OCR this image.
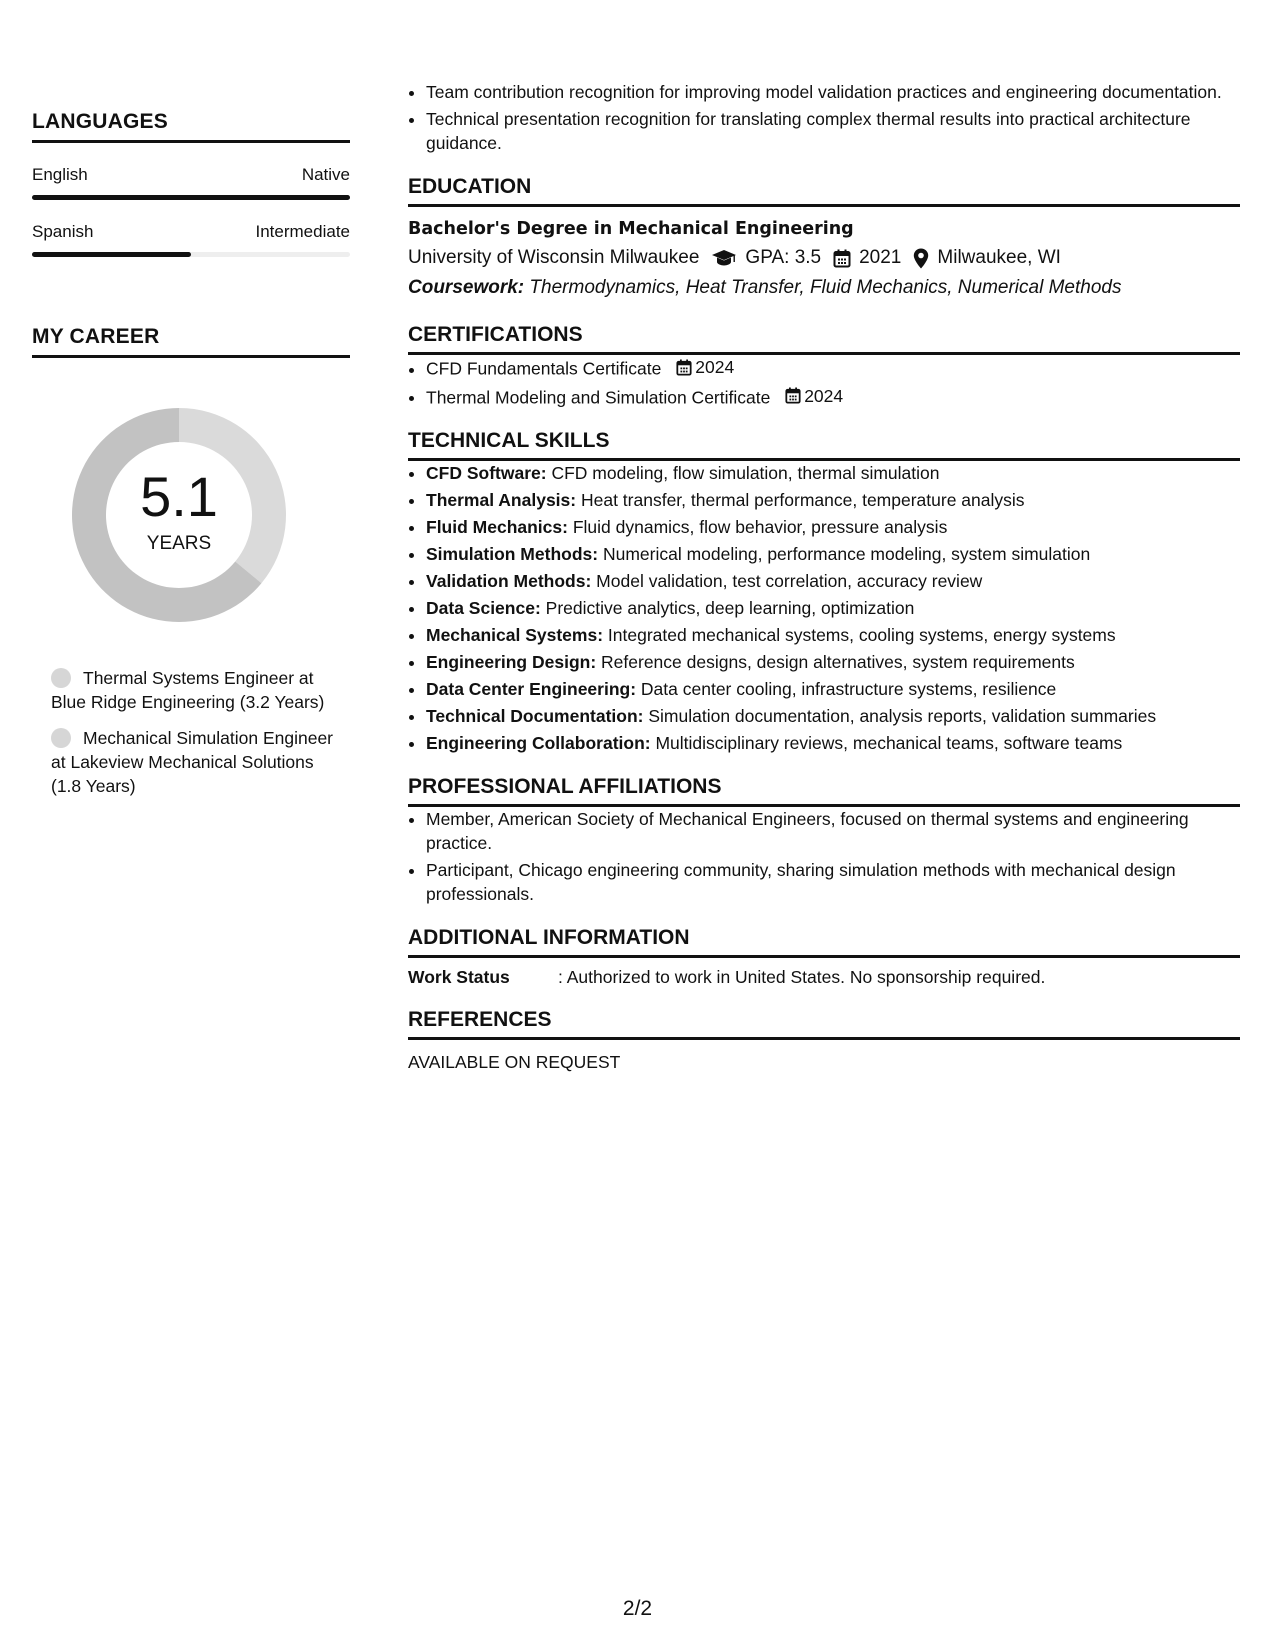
LANGUAGES
English	Native
Spanish	Intermediate
MY CAREER
5.1
YEARS
Thermal Systems Engineer at Blue Ridge Engineering (3.2 Years)
Mechanical Simulation Engineer at Lakeview Mechanical Solutions (1.8 Years)
• Team contribution recognition for improving model validation practices and engineering documentation.
• Technical presentation recognition for translating complex thermal results into practical architecture guidance.
EDUCATION
Bachelor's Degree in Mechanical Engineering
University of Wisconsin Milwaukee GPA: 3.5 2021 Milwaukee, WI
Coursework: Thermodynamics, Heat Transfer, Fluid Mechanics, Numerical Methods
CERTIFICATIONS
• CFD Fundamentals Certificate 2024
• Thermal Modeling and Simulation Certificate 2024
TECHNICAL SKILLS
• CFD Software: CFD modeling, flow simulation, thermal simulation
• Thermal Analysis: Heat transfer, thermal performance, temperature analysis
• Fluid Mechanics: Fluid dynamics, flow behavior, pressure analysis
• Simulation Methods: Numerical modeling, performance modeling, system simulation
• Validation Methods: Model validation, test correlation, accuracy review
• Data Science: Predictive analytics, deep learning, optimization
• Mechanical Systems: Integrated mechanical systems, cooling systems, energy systems
• Engineering Design: Reference designs, design alternatives, system requirements
• Data Center Engineering: Data center cooling, infrastructure systems, resilience
• Technical Documentation: Simulation documentation, analysis reports, validation summaries
• Engineering Collaboration: Multidisciplinary reviews, mechanical teams, software teams
PROFESSIONAL AFFILIATIONS
• Member, American Society of Mechanical Engineers, focused on thermal systems and engineering practice.
• Participant, Chicago engineering community, sharing simulation methods with mechanical design professionals.
ADDITIONAL INFORMATION
Work Status	: Authorized to work in United States. No sponsorship required.
REFERENCES
AVAILABLE ON REQUEST
2/2
